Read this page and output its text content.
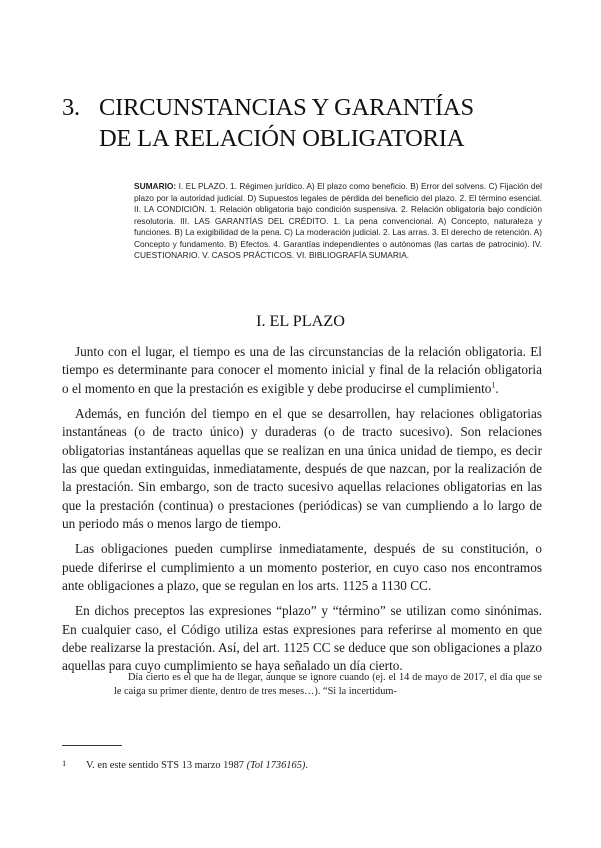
3. CIRCUNSTANCIAS Y GARANTÍAS
DE LA RELACIÓN OBLIGATORIA

SUMARIO: I. EL PLAZO. 1. Régimen jurídico. A) El plazo como beneficio. B) Error del solvens. C) Fijación del plazo por la autoridad judicial. D) Supuestos legales de pérdida del beneficio del plazo. 2. El término esencial. II. LA CONDICIÓN. 1. Relación obligatoria bajo condición suspensiva. 2. Relación obligatoria bajo condición resolutoria. III. LAS GARANTÍAS DEL CRÉDITO. 1. La pena convencional. A) Concepto, naturaleza y funciones. B) La exigibilidad de la pena. C) La moderación judicial. 2. Las arras. 3. El derecho de retención. A) Concepto y fundamento. B) Efectos. 4. Garantías independientes o autónomas (las cartas de patrocinio). IV. CUESTIONARIO. V. CASOS PRÁCTICOS. VI. BIBLIOGRAFÍA SUMARIA.

I. EL PLAZO

Junto con el lugar, el tiempo es una de las circunstancias de la relación obligatoria. El tiempo es determinante para conocer el momento inicial y final de la relación obligatoria o el momento en que la prestación es exigible y debe producirse el cumplimiento$^1$.

Además, en función del tiempo en el que se desarrollen, hay relaciones obligatorias instantáneas (o de tracto único) y duraderas (o de tracto sucesivo). Son relaciones obligatorias instantáneas aquellas que se realizan en una única unidad de tiempo, es decir las que quedan extinguidas, inmediatamente, después de que nazcan, por la realización de la prestación. Sin embargo, son de tracto sucesivo aquellas relaciones obligatorias en las que la prestación (continua) o prestaciones (periódicas) se van cumpliendo a lo largo de un periodo más o menos largo de tiempo.

Las obligaciones pueden cumplirse inmediatamente, después de su constitución, o puede diferirse el cumplimiento a un momento posterior, en cuyo caso nos encontramos ante obligaciones a plazo, que se regulan en los arts. 1125 a 1130 CC.

En dichos preceptos las expresiones “plazo” y “término” se utilizan como sinónimas. En cualquier caso, el Código utiliza estas expresiones para referirse al momento en que debe realizarse la prestación. Así, del art. 1125 CC se deduce que son obligaciones a plazo aquellas para cuyo cumplimiento se haya señalado un día cierto.

Día cierto es el que ha de llegar, aunque se ignore cuando (ej. el 14 de mayo de 2017, el día que se le caiga su primer diente, dentro de tres meses…). “Si la incertidum-

1 V. en este sentido STS 13 marzo 1987 (Tol 1736165).
